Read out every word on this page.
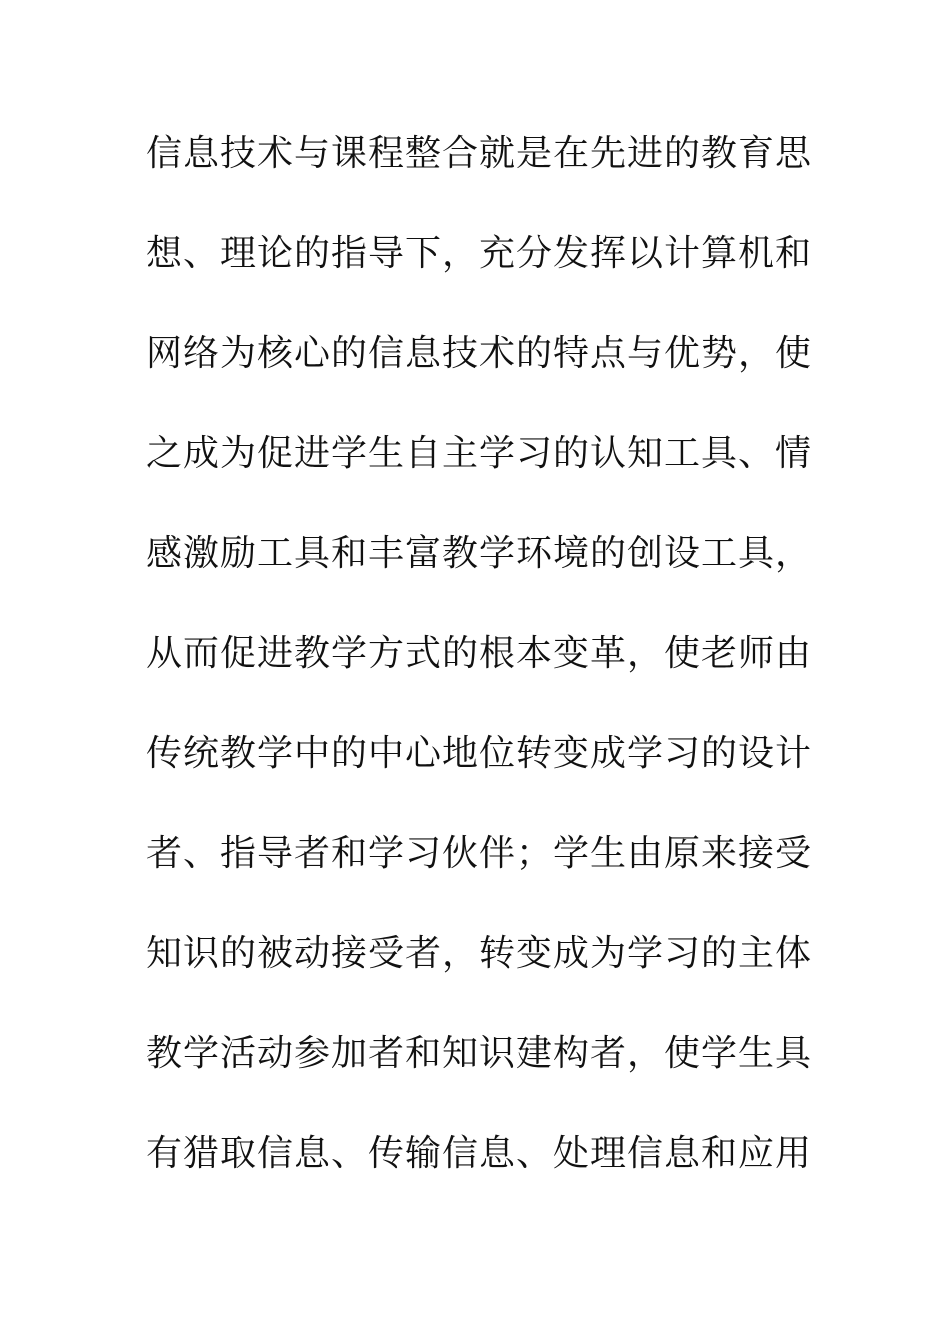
信息技术与课程整合就是在先进的教育思
想、理论的指导下，充分发挥以计算机和
网络为核心的信息技术的特点与优势，使
之成为促进学生自主学习的认知工具、情
感激励工具和丰富教学环境的创设工具，
从而促进教学方式的根本变革，使老师由
传统教学中的中心地位转变成学习的设计
者、指导者和学习伙伴；学生由原来接受
知识的被动接受者，转变成为学习的主体
教学活动参加者和知识建构者，使学生具
有猎取信息、传输信息、处理信息和应用
